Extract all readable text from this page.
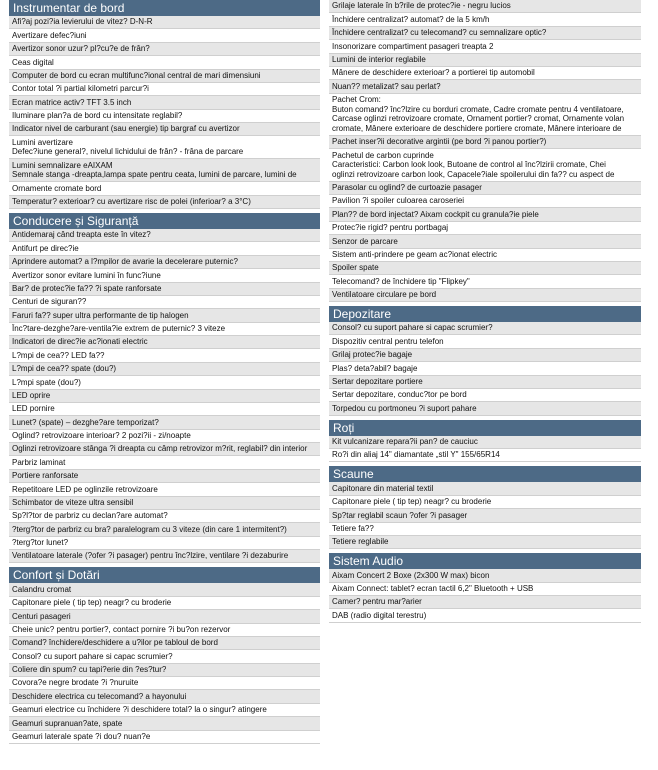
Instrumentar de bord
Afi?aj pozi?ia levierului de vitez? D-N-R
Avertizare defec?iuni
Avertizor sonor uzur? pl?cu?e de frân?
Ceas digital
Computer de bord cu ecran multifunc?ional central de mari dimensiuni
Contor total ?i partial kilometri parcur?i
Ecran matrice activ? TFT 3.5 inch
Iluminare plan?a de bord cu intensitate reglabil?
Indicator nivel de carburant (sau energie) tip bargraf cu avertizor
Lumini avertizare
Defec?iune general?, nivelul lichidului de frân? - frâna de parcare
Lumini semnalizare eAIXAM
Semnale stanga -dreapta,lampa spate pentru ceata, lumini de parcare, lumini de
Ornamente cromate bord
Temperatur? exterioar? cu avertizare risc de polei (inferioar? a 3°C)
Conducere și Siguranță
Antidemaraj când treapta este în vitez?
Antifurt pe direc?ie
Aprindere automat? a l?mpilor de avarie la decelerare puternic?
Avertizor sonor evitare lumini în func?iune
Bar? de protec?ie fa?? ?i spate ranforsate
Centuri de siguran??
Faruri fa?? super ultra performante de tip halogen
Înc?tare-dezghe?are-ventila?ie extrem de puternic? 3 viteze
Indicatori de direc?ie ac?ionati electric
L?mpi de cea?? LED fa??
L?mpi de cea?? spate (dou?)
L?mpi spate (dou?)
LED oprire
LED pornire
Lunet? (spate) – dezghe?are temporizat?
Oglind? retrovizoare interioar? 2 pozi?ii - zi/noapte
Oglinzi retrovizoare stânga ?i dreapta cu câmp retrovizor m?rit, reglabil? din interior
Parbriz laminat
Portiere ranforsate
Repetitoare LED pe oglinzile retrovizoare
Schimbator de viteze ultra sensibil
Sp?l?tor de parbriz cu declan?are automat?
?terg?tor de parbriz cu bra? paralelogram cu 3 viteze (din care 1 intermitent?)
?terg?tor lunet?
Ventilatoare laterale (?ofer ?i pasager) pentru înc?lzire, ventilare ?i dezaburire
Confort și Dotări
Calandru cromat
Capitonare piele ( tip tep) neagr? cu broderie
Centuri pasageri
Cheie unic? pentru portier?, contact pornire ?i bu?on rezervor
Comand? închidere/deschidere a u?ilor pe tabloul de bord
Consol? cu suport pahare si capac scrumier?
Coliere din spum? cu tapi?erie din ?es?tur?
Covora?e negre brodate ?i ?nuruite
Deschidere electrica cu telecomand? a hayonului
Geamuri electrice cu închidere ?i deschidere total? la o singur? atingere
Geamuri supranuan?ate, spate
Geamuri laterale spate ?i dou? nuan?e
Grilaje laterale în b?rile de protec?ie - negru lucios
Închidere centralizat? automat? de la 5 km/h
Închidere centralizat? cu telecomand? cu semnalizare optic?
Insonorizare compartiment pasageri treapta 2
Lumini de interior reglabile
Mânere de deschidere exterioar? a portierei tip automobil
Nuan?? metalizat? sau perlat?
Pachet Crom:
Buton comand? înc?lzire cu borduri cromate, Cadre cromate pentru 4 ventilatoare,
Carcase oglinzi retrovizoare cromate, Ornament portier? cromat, Ornamente volan
cromate, Mânere exterioare de deschidere portiere cromate, Mânere interioare de
Pachet inser?ii decorative argintii (pe bord ?i panou portier?)
Pachetul de carbon cuprinde
Caracteristici: Carbon look look, Butoane de control al înc?lzirii cromate, Chei
oglinzi retrovizoare carbon look, Capacele?iale spoilerului din fa?? cu aspect de
Parasolar cu oglind? de curtoazie pasager
Pavilion ?i spoiler culoarea caroseriei
Plan?? de bord injectat? Aixam cockpit cu granula?ie piele
Protec?ie rigid? pentru portbagaj
Senzor de parcare
Sistem anti-prindere pe geam ac?ionat electric
Spoiler spate
Telecomand? de închidere tip "Flipkey"
Ventilatoare circulare pe bord
Depozitare
Consol? cu suport pahare si capac scrumier?
Dispozitiv central pentru telefon
Grilaj protec?ie bagaje
Plas? deta?abil? bagaje
Sertar depozitare portiere
Sertar depozitare, conduc?tor pe bord
Torpedou cu portmoneu ?i suport pahare
Roți
Kit vulcanizare repara?ii pan? de cauciuc
Ro?i din aliaj 14" diamantate „stil Y" 155/65R14
Scaune
Capitonare din material textil
Capitonare piele ( tip tep) neagr? cu broderie
Sp?tar reglabil scaun ?ofer ?i pasager
Tetiere fa??
Tetiere reglabile
Sistem Audio
Aixam Concert 2 Boxe (2x300 W max) bicon
Aixam Connect: tablet? ecran tactil 6,2" Bluetooth + USB
Camer? pentru mar?arier
DAB (radio digital terestru)
